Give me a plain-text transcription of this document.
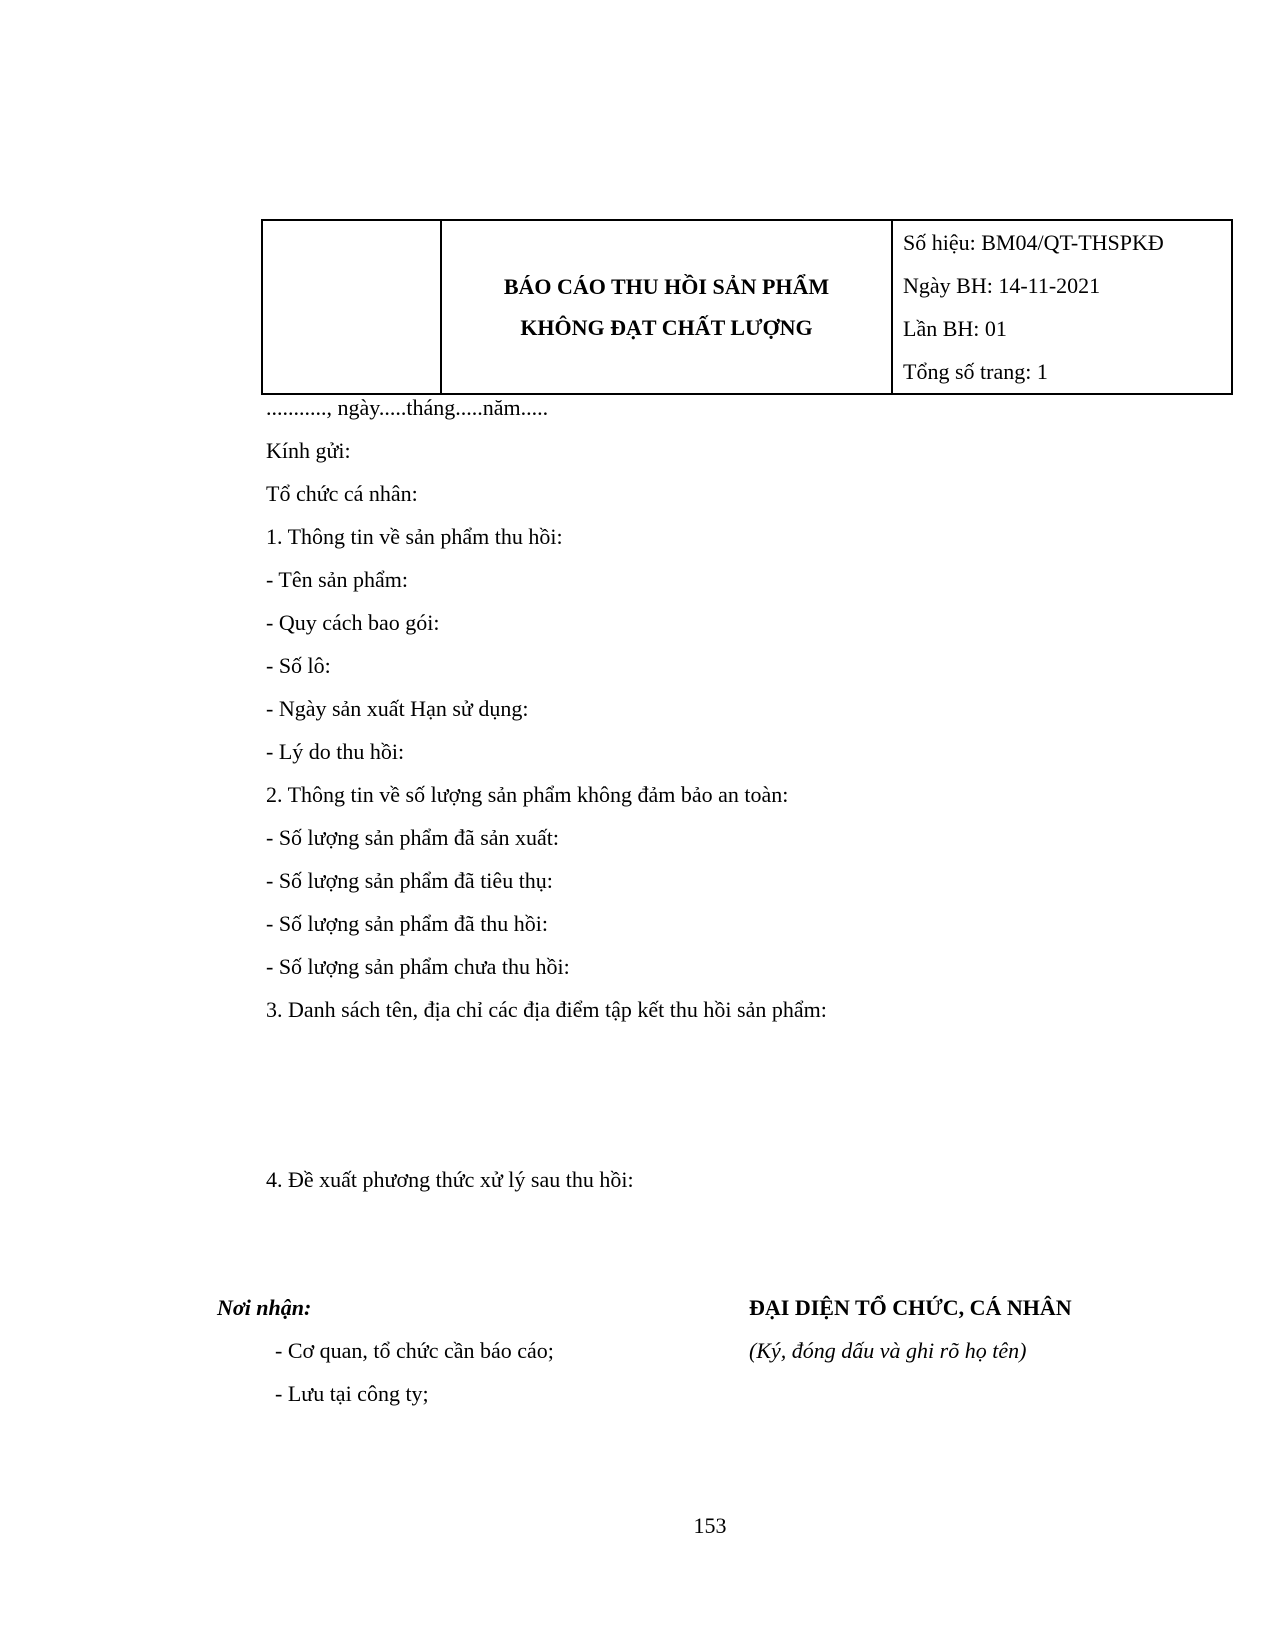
BÁO CÁO THU HỒI SẢN PHẨM
KHÔNG ĐẠT CHẤT LƯỢNG

Số hiệu: BM04/QT-THSPKĐ
Ngày BH: 14-11-2021
Lần BH: 01
Tổng số trang: 1
..........., ngày.....tháng.....năm.....
Kính gửi:
Tổ chức cá nhân:
1. Thông tin về sản phẩm thu hồi:
- Tên sản phẩm:
- Quy cách bao gói:
- Số lô:
- Ngày sản xuất Hạn sử dụng:
- Lý do thu hồi:
2. Thông tin về số lượng sản phẩm không đảm bảo an toàn:
- Số lượng sản phẩm đã sản xuất:
- Số lượng sản phẩm đã tiêu thụ:
- Số lượng sản phẩm đã thu hồi:
- Số lượng sản phẩm chưa thu hồi:
3. Danh sách tên, địa chỉ các địa điểm tập kết thu hồi sản phẩm:
4. Đề xuất phương thức xử lý sau thu hồi:
Nơi nhận:
- Cơ quan, tổ chức cần báo cáo;
- Lưu tại công ty;
ĐẠI DIỆN TỔ CHỨC, CÁ NHÂN
(Ký, đóng dấu và ghi rõ họ tên)
153
